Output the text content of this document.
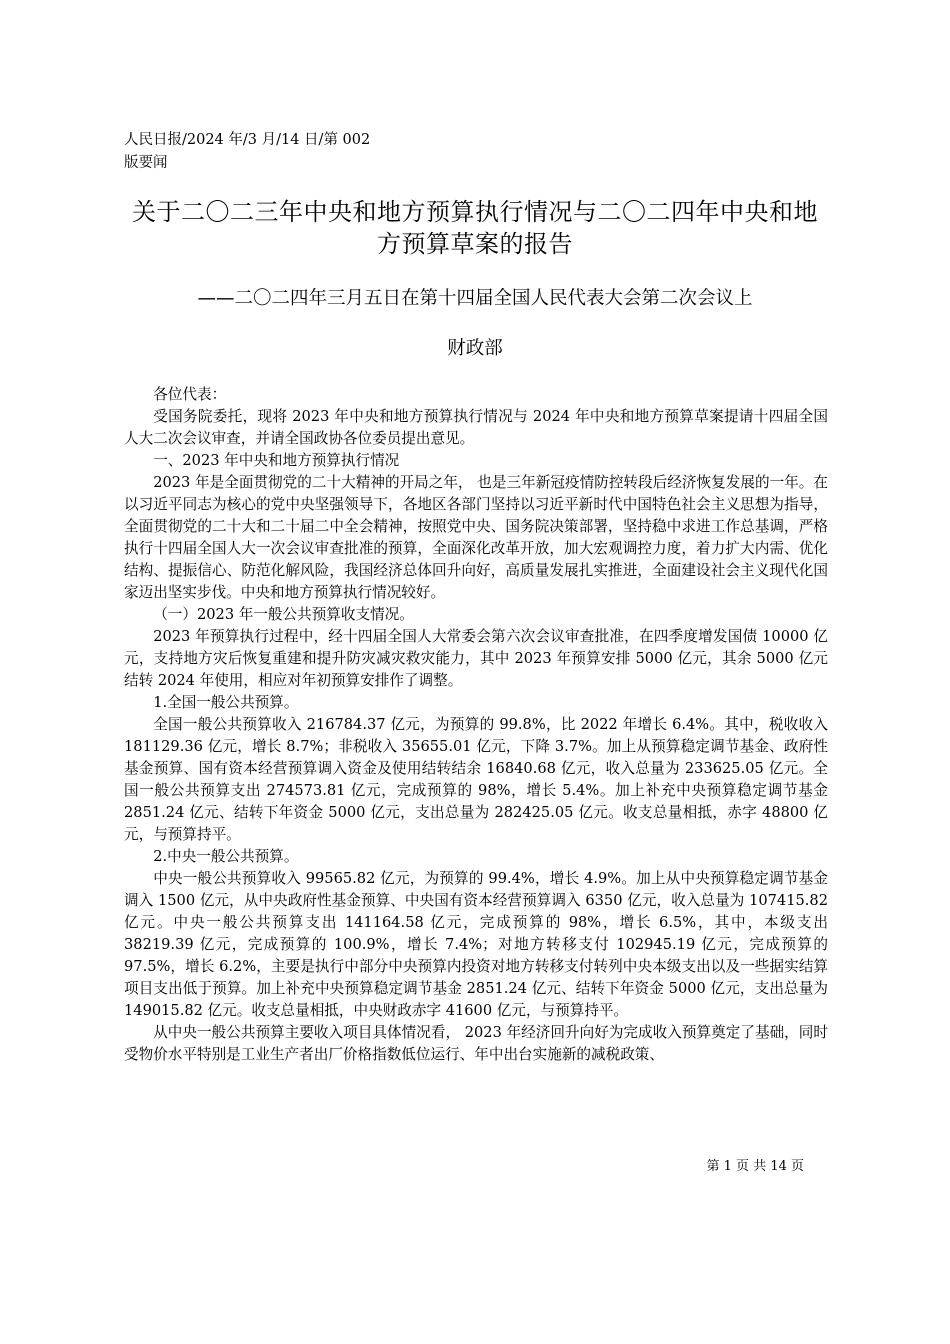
人民日报/2024 年/3 月/14 日/第 002
版要闻
关于二〇二三年中央和地方预算执行情况与二〇二四年中央和地方预算草案的报告
——二〇二四年三月五日在第十四届全国人民代表大会第二次会议上
财政部

各位代表：

受国务院委托，现将 2023 年中央和地方预算执行情况与 2024 年中央和地方预算草案提请十四届全国人大二次会议审查，并请全国政协各位委员提出意见。

一、2023 年中央和地方预算执行情况

2023 年是全面贯彻党的二十大精神的开局之年， 也是三年新冠疫情防控转段后经济恢复发展的一年。在以习近平同志为核心的党中央坚强领导下，各地区各部门坚持以习近平新时代中国特色社会主义思想为指导，全面贯彻党的二十大和二十届二中全会精神，按照党中央、国务院决策部署，坚持稳中求进工作总基调，严格执行十四届全国人大一次会议审查批准的预算，全面深化改革开放，加大宏观调控力度，着力扩大内需、优化结构、提振信心、防范化解风险，我国经济总体回升向好，高质量发展扎实推进，全面建设社会主义现代化国家迈出坚实步伐。中央和地方预算执行情况较好。

（一）2023 年一般公共预算收支情况。

2023 年预算执行过程中，经十四届全国人大常委会第六次会议审查批准，在四季度增发国债 10000 亿元，支持地方灾后恢复重建和提升防灾减灾救灾能力，其中 2023 年预算安排 5000 亿元，其余 5000 亿元结转 2024 年使用，相应对年初预算安排作了调整。

1.全国一般公共预算。

全国一般公共预算收入 216784.37 亿元，为预算的 99.8%，比 2022 年增长 6.4%。其中，税收收入 181129.36 亿元，增长 8.7%；非税收入 35655.01 亿元，下降 3.7%。加上从预算稳定调节基金、政府性基金预算、国有资本经营预算调入资金及使用结转结余 16840.68 亿元，收入总量为 233625.05 亿元。全国一般公共预算支出 274573.81 亿元，完成预算的 98%，增长 5.4%。加上补充中央预算稳定调节基金 2851.24 亿元、结转下年资金 5000 亿元，支出总量为 282425.05 亿元。收支总量相抵，赤字 48800 亿元，与预算持平。

2.中央一般公共预算。

中央一般公共预算收入 99565.82 亿元，为预算的 99.4%，增长 4.9%。加上从中央预算稳定调节基金调入 1500 亿元，从中央政府性基金预算、中央国有资本经营预算调入 6350 亿元，收入总量为 107415.82 亿元。中央一般公共预算支出 141164.58 亿元，完成预算的 98%，增长 6.5%，其中，本级支出 38219.39 亿元，完成预算的 100.9%，增长 7.4%；对地方转移支付 102945.19 亿元，完成预算的 97.5%，增长 6.2%，主要是执行中部分中央预算内投资对地方转移支付转列中央本级支出以及一些据实结算项目支出低于预算。加上补充中央预算稳定调节基金 2851.24 亿元、结转下年资金 5000 亿元，支出总量为 149015.82 亿元。收支总量相抵，中央财政赤字 41600 亿元，与预算持平。

从中央一般公共预算主要收入项目具体情况看， 2023 年经济回升向好为完成收入预算奠定了基础，同时受物价水平特别是工业生产者出厂价格指数低位运行、年中出台实施新的减税政策、

第 1 页 共 14 页
